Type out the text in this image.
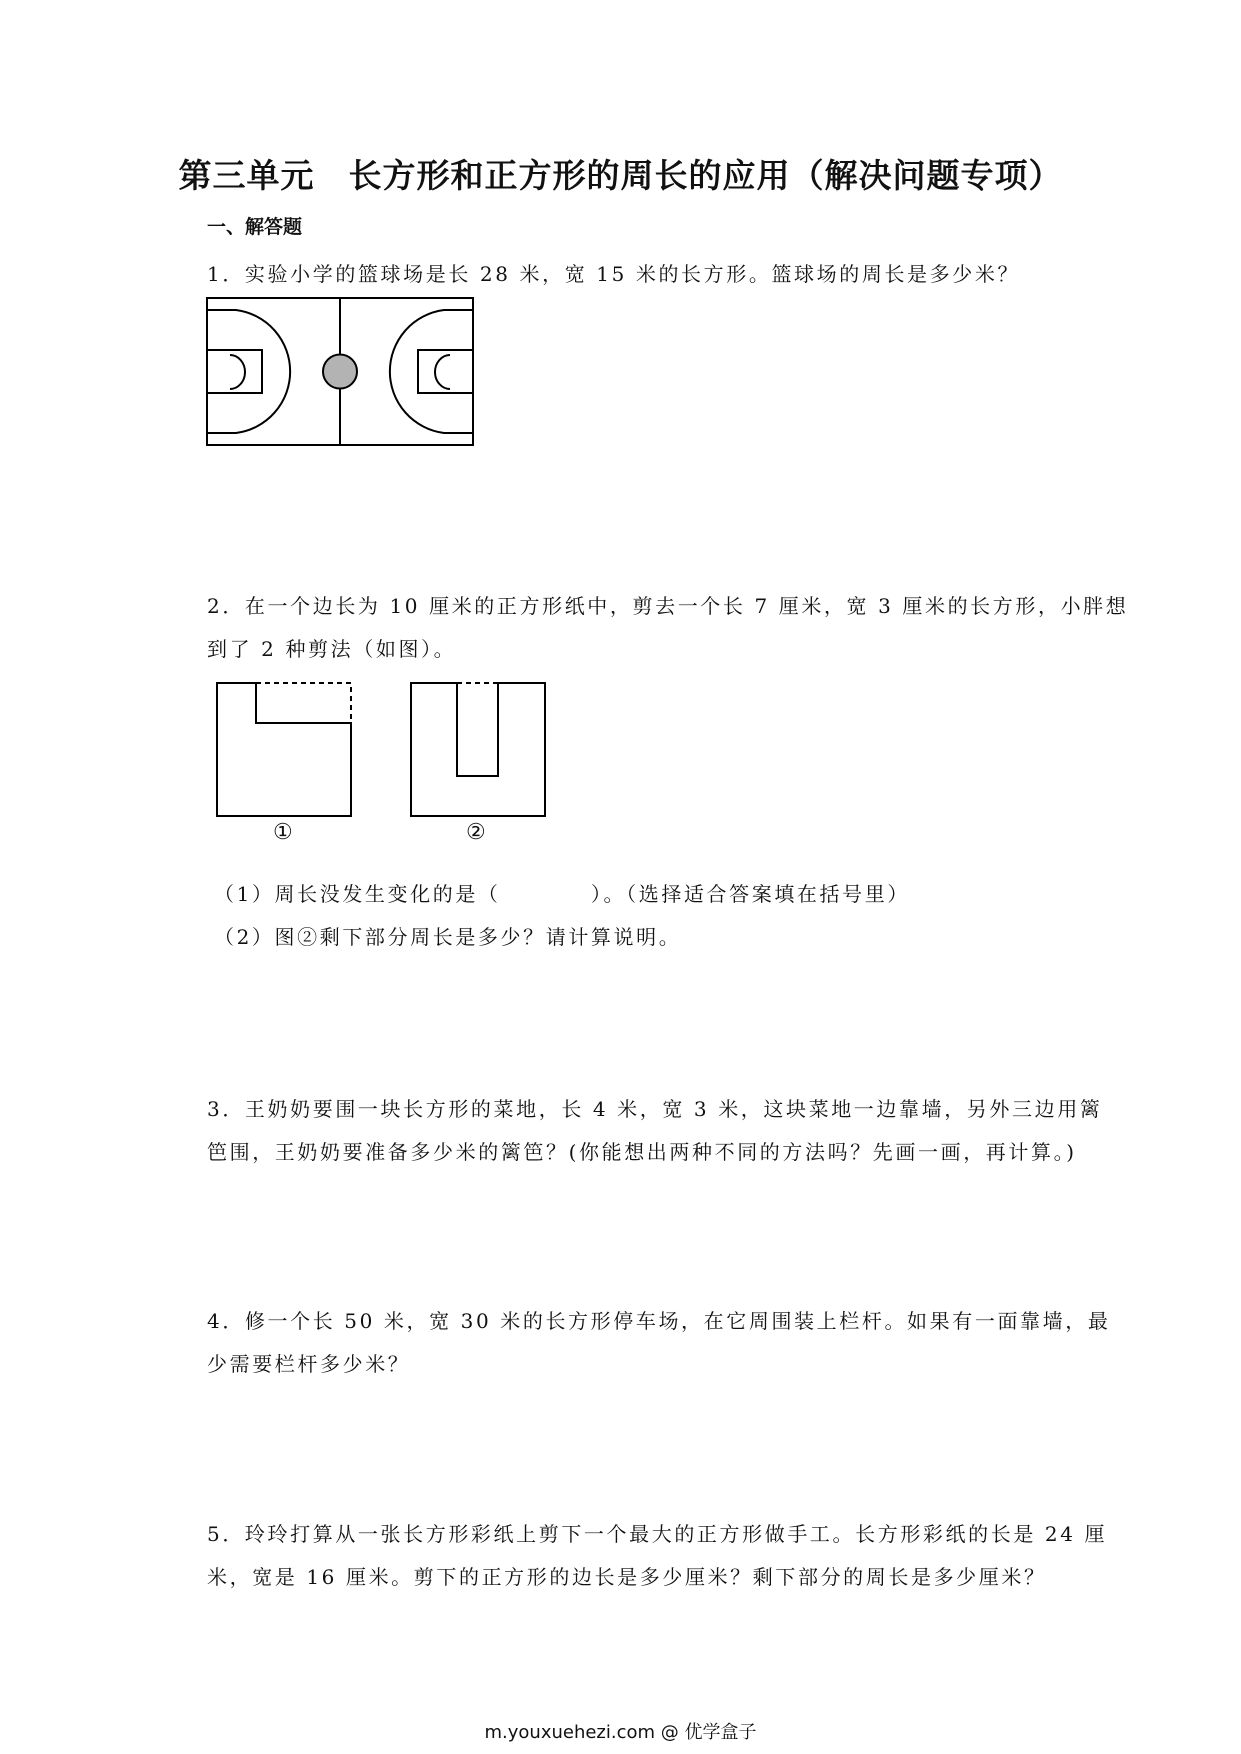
第三单元　长方形和正方形的周长的应用（解决问题专项）
一、解答题
1．实验小学的篮球场是长 28 米，宽 15 米的长方形。篮球场的周长是多少米？
2．在一个边长为 10 厘米的正方形纸中，剪去一个长 7 厘米，宽 3 厘米的长方形，小胖想
到了 2 种剪法（如图）。
①	②
（1）周长没发生变化的是（　　　　）。（选择适合答案填在括号里）
（2）图②剩下部分周长是多少？请计算说明。
3．王奶奶要围一块长方形的菜地，长 4 米，宽 3 米，这块菜地一边靠墙，另外三边用篱
笆围，王奶奶要准备多少米的篱笆？(你能想出两种不同的方法吗？先画一画，再计算。)
4．修一个长 50 米，宽 30 米的长方形停车场，在它周围装上栏杆。如果有一面靠墙，最
少需要栏杆多少米？
5．玲玲打算从一张长方形彩纸上剪下一个最大的正方形做手工。长方形彩纸的长是 24 厘
米，宽是 16 厘米。剪下的正方形的边长是多少厘米？剩下部分的周长是多少厘米？
m.youxuehezi.com @ 优学盒子
